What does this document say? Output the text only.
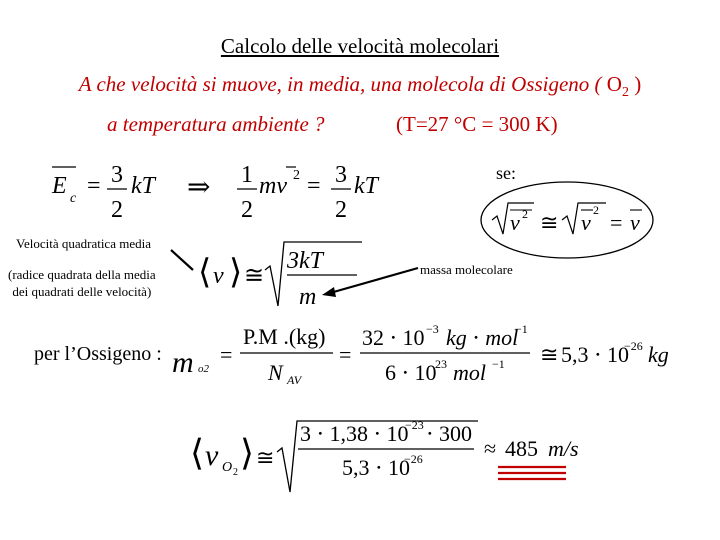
Calcolo delle velocità molecolari
A che velocità si muove, in media, una molecola di Ossigeno ( $O_2$ )
a temperatura ambiente ?	(T=27 °C = 300 K)
se:
Velocità quadratica media
(radice quadrata della media
dei quadrati delle velocità)
massa molecolare
per l’Ossigeno :
E c = 3
2
kT ⇒ 1
2
mv 2 = 3
2
kT
v 2 ≅ v 2 = v
⟨ v ⟩ ≅
3kT
m
m o2
=
P.M .(kg)
N AV
=
32 ⋅ 10 −3 kg ⋅ mol
−1
6 ⋅ 10
23 mol −1 ≅ 5,3 ⋅ 10
−26 kg
⟨ v O 2 ⟩ ≅
3 ⋅ 1,38 ⋅ 10
−23 ⋅ 300
5,3 ⋅ 10
−26	≈ 485 m/s
